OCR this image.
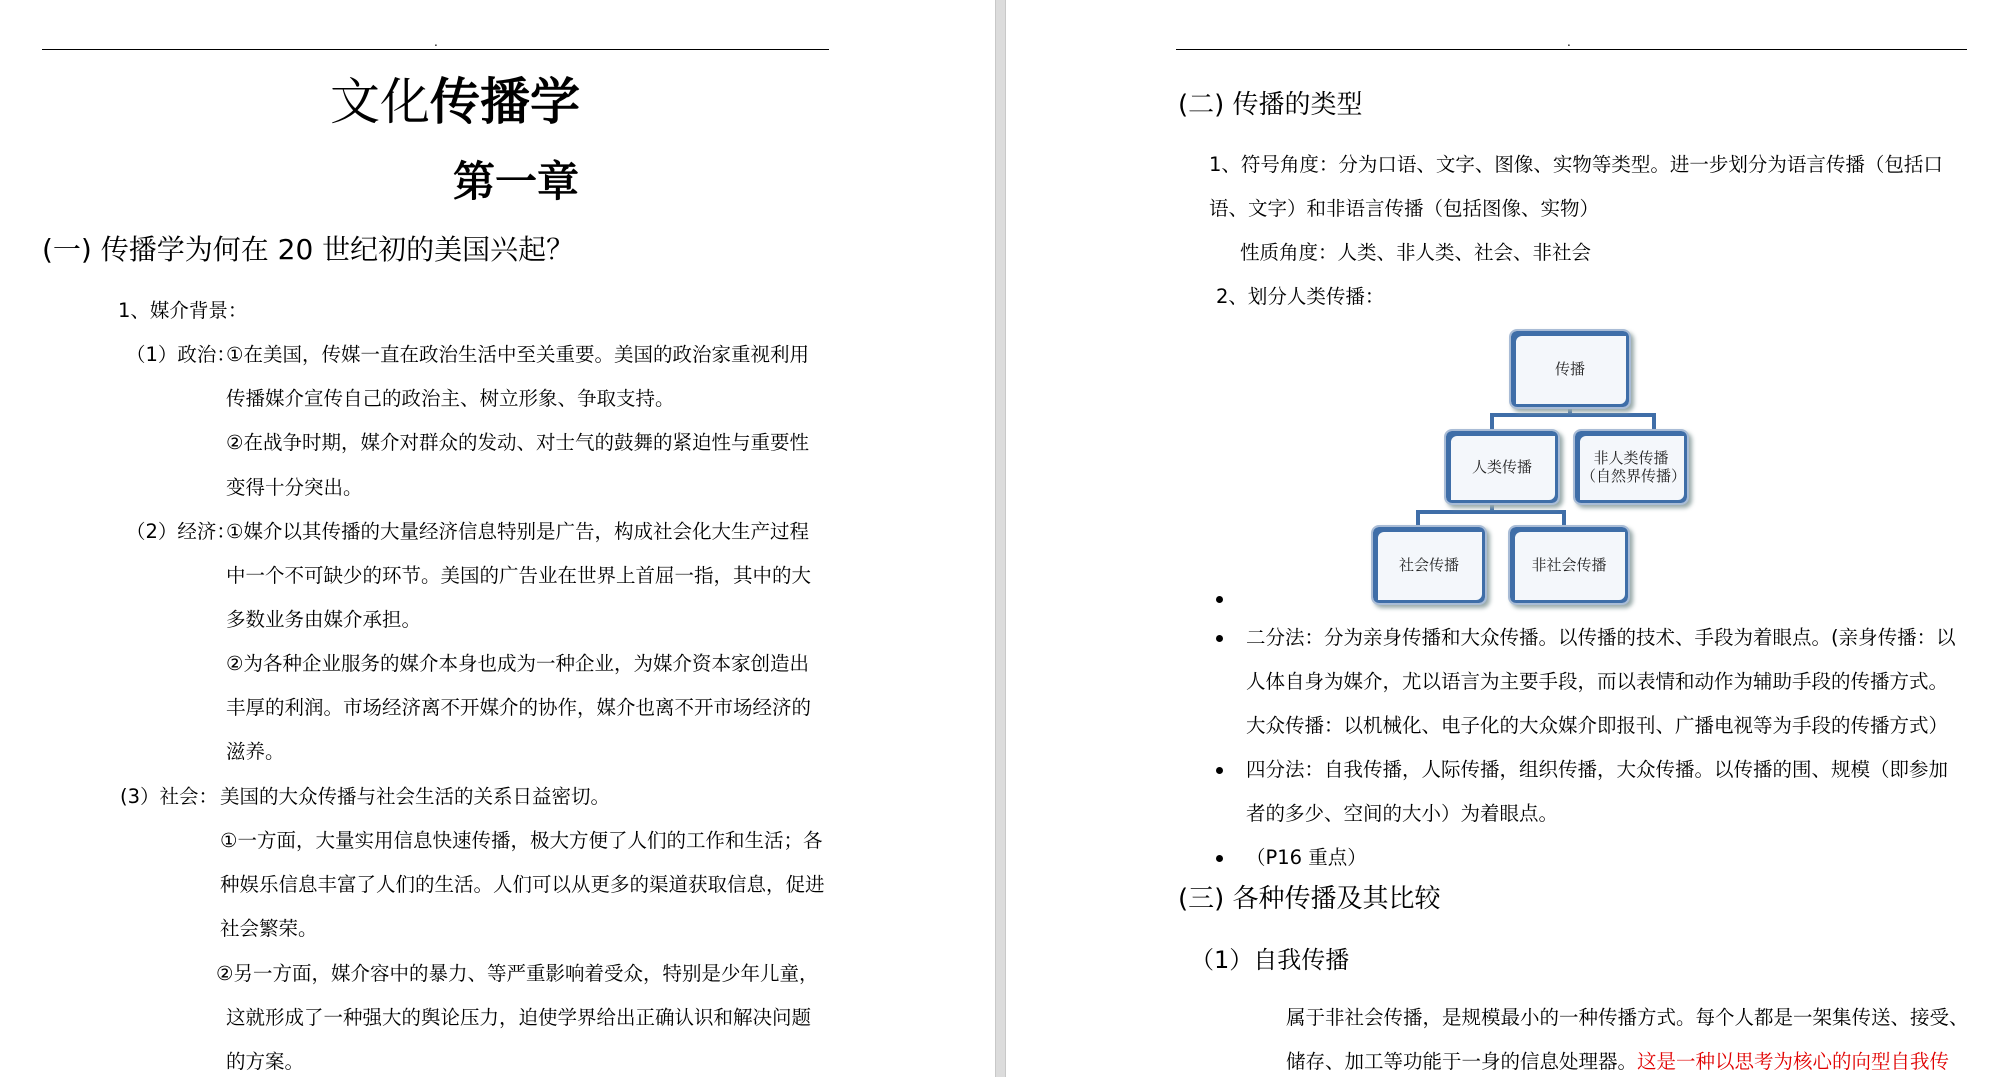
.
文化传播学
第一章
(一) 传播学为何在 20 世纪初的美国兴起？
1、媒介背景：
（1）政治：
①在美国，传媒一直在政治生活中至关重要。美国的政治家重视利用
传播媒介宣传自己的政治主、树立形象、争取支持。
②在战争时期，媒介对群众的发动、对士气的鼓舞的紧迫性与重要性
变得十分突出。
（2）经济：
①媒介以其传播的大量经济信息特别是广告，构成社会化大生产过程
中一个不可缺少的环节。美国的广告业在世界上首屈一指，其中的大
多数业务由媒介承担。
②为各种企业服务的媒介本身也成为一种企业，为媒介资本家创造出
丰厚的利润。市场经济离不开媒介的协作，媒介也离不开市场经济的
滋养。
(3）社会： 美国的大众传播与社会生活的关系日益密切。
①一方面，大量实用信息快速传播，极大方便了人们的工作和生活；各
种娱乐信息丰富了人们的生活。人们可以从更多的渠道获取信息，促进
社会繁荣。
②另一方面，媒介容中的暴力、等严重影响着受众，特别是少年儿童，
这就形成了一种强大的舆论压力，迫使学界给出正确认识和解决问题
的方案。
.
(二) 传播的类型
1、符号角度：分为口语、文字、图像、实物等类型。进一步划分为语言传播（包括口
语、文字）和非语言传播（包括图像、实物）
性质角度：人类、非人类、社会、非社会
2、划分人类传播：
传播
人类传播	非人类传播（自然界传播）
社会传播	非社会传播
二分法：分为亲身传播和大众传播。以传播的技术、手段为着眼点。(亲身传播：以
人体自身为媒介，尤以语言为主要手段，而以表情和动作为辅助手段的传播方式。
大众传播：以机械化、电子化的大众媒介即报刊、广播电视等为手段的传播方式）
四分法：自我传播，人际传播，组织传播，大众传播。以传播的围、规模（即参加
者的多少、空间的大小）为着眼点。
（P16 重点）
(三) 各种传播及其比较
（1）自我传播
属于非社会传播，是规模最小的一种传播方式。每个人都是一架集传送、接受、
储存、加工等功能于一身的信息处理器。这是一种以思考为核心的向型自我传
